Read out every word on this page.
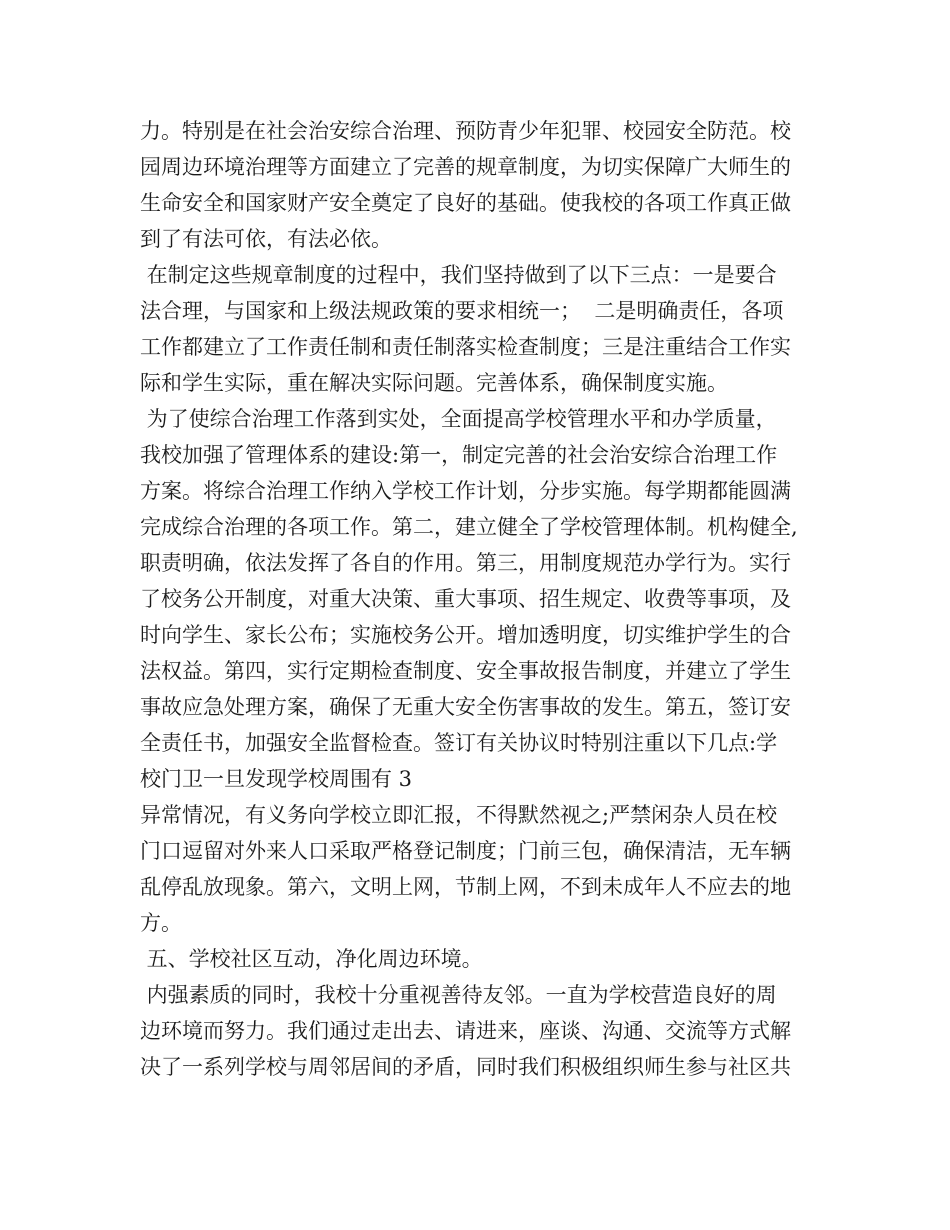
力。特别是在社会治安综合治理、预防青少年犯罪、校园安全防范。校
园周边环境治理等方面建立了完善的规章制度，为切实保障广大师生的
生命安全和国家财产安全奠定了良好的基础。使我校的各项工作真正做
到了有法可依，有法必依。
在制定这些规章制度的过程中，我们坚持做到了以下三点：一是要合
法合理，与国家和上级法规政策的要求相统一；  二是明确责任，各项
工作都建立了工作责任制和责任制落实检查制度；三是注重结合工作实
际和学生实际，重在解决实际问题。完善体系，确保制度实施。
为了使综合治理工作落到实处，全面提高学校管理水平和办学质量，
我校加强了管理体系的建设:第一，制定完善的社会治安综合治理工作
方案。将综合治理工作纳入学校工作计划，分步实施。每学期都能圆满
完成综合治理的各项工作。第二，建立健全了学校管理体制。机构健全,
职责明确，依法发挥了各自的作用。第三，用制度规范办学行为。实行
了校务公开制度，对重大决策、重大事项、招生规定、收费等事项，及
时向学生、家长公布；实施校务公开。增加透明度，切实维护学生的合
法权益。第四，实行定期检查制度、安全事故报告制度，并建立了学生
事故应急处理方案，确保了无重大安全伤害事故的发生。第五，签订安
全责任书，加强安全监督检查。签订有关协议时特别注重以下几点:学
校门卫一旦发现学校周围有 3
异常情况，有义务向学校立即汇报，不得默然视之;严禁闲杂人员在校
门口逗留对外来人口采取严格登记制度；门前三包，确保清洁，无车辆
乱停乱放现象。第六，文明上网，节制上网，不到未成年人不应去的地
方。
五、学校社区互动，净化周边环境。
内强素质的同时，我校十分重视善待友邻。一直为学校营造良好的周
边环境而努力。我们通过走出去、请进来，座谈、沟通、交流等方式解
决了一系列学校与周邻居间的矛盾，同时我们积极组织师生参与社区共
